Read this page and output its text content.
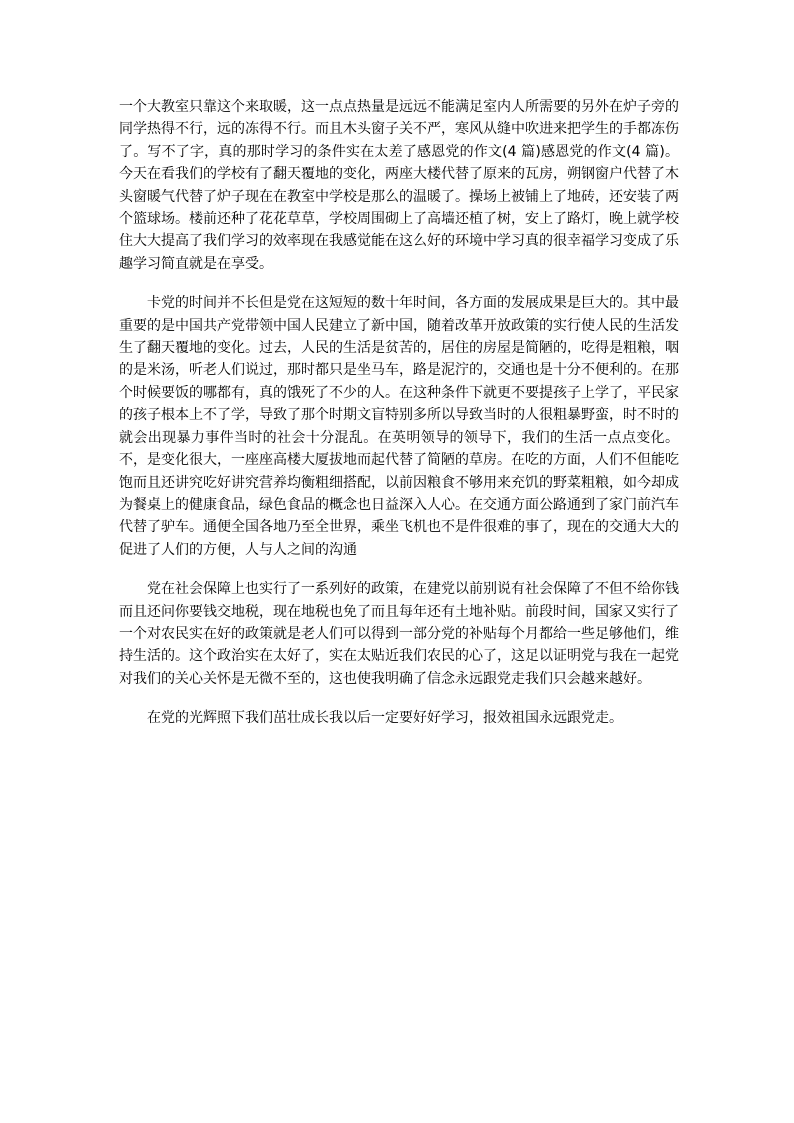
一个大教室只靠这个来取暖，这一点点热量是远远不能满足室内人所需要的另外在炉子旁的同学热得不行，远的冻得不行。而且木头窗子关不严，寒风从缝中吹进来把学生的手都冻伤了。写不了字，真的那时学习的条件实在太差了感恩党的作文(4 篇)感恩党的作文(4 篇)。今天在看我们的学校有了翻天覆地的变化，两座大楼代替了原来的瓦房，朔钢窗户代替了木头窗暖气代替了炉子现在在教室中学校是那么的温暖了。操场上被铺上了地砖，还安装了两个篮球场。楼前还种了花花草草，学校周围砌上了高墙还植了树，安上了路灯，晚上就学校住大大提高了我们学习的效率现在我感觉能在这么好的环境中学习真的很幸福学习变成了乐趣学习简直就是在享受。

卡党的时间并不长但是党在这短短的数十年时间，各方面的发展成果是巨大的。其中最重要的是中国共产党带领中国人民建立了新中国，随着改革开放政策的实行使人民的生活发生了翻天覆地的变化。过去，人民的生活是贫苦的，居住的房屋是简陋的，吃得是粗粮，咽的是米汤，听老人们说过，那时都只是坐马车，路是泥泞的，交通也是十分不便利的。在那个时候要饭的哪都有，真的饿死了不少的人。在这种条件下就更不要提孩子上学了，平民家的孩子根本上不了学，导致了那个时期文盲特别多所以导致当时的人很粗暴野蛮，时不时的就会出现暴力事件当时的社会十分混乱。在英明领导的领导下，我们的生活一点点变化。不，是变化很大，一座座高楼大厦拔地而起代替了简陋的草房。在吃的方面，人们不但能吃饱而且还讲究吃好讲究营养均衡粗细搭配，以前因粮食不够用来充饥的野菜粗粮，如今却成为餐桌上的健康食品，绿色食品的概念也日益深入人心。在交通方面公路通到了家门前汽车代替了驴车。通便全国各地乃至全世界，乘坐飞机也不是件很难的事了，现在的交通大大的促进了人们的方便，人与人之间的沟通

党在社会保障上也实行了一系列好的政策，在建党以前别说有社会保障了不但不给你钱而且还问你要钱交地税，现在地税也免了而且每年还有土地补贴。前段时间，国家又实行了一个对农民实在好的政策就是老人们可以得到一部分党的补贴每个月都给一些足够他们，维持生活的。这个政治实在太好了，实在太贴近我们农民的心了，这足以证明党与我在一起党对我们的关心关怀是无微不至的，这也使我明确了信念永远跟党走我们只会越来越好。

在党的光辉照下我们茁壮成长我以后一定要好好学习，报效祖国永远跟党走。
